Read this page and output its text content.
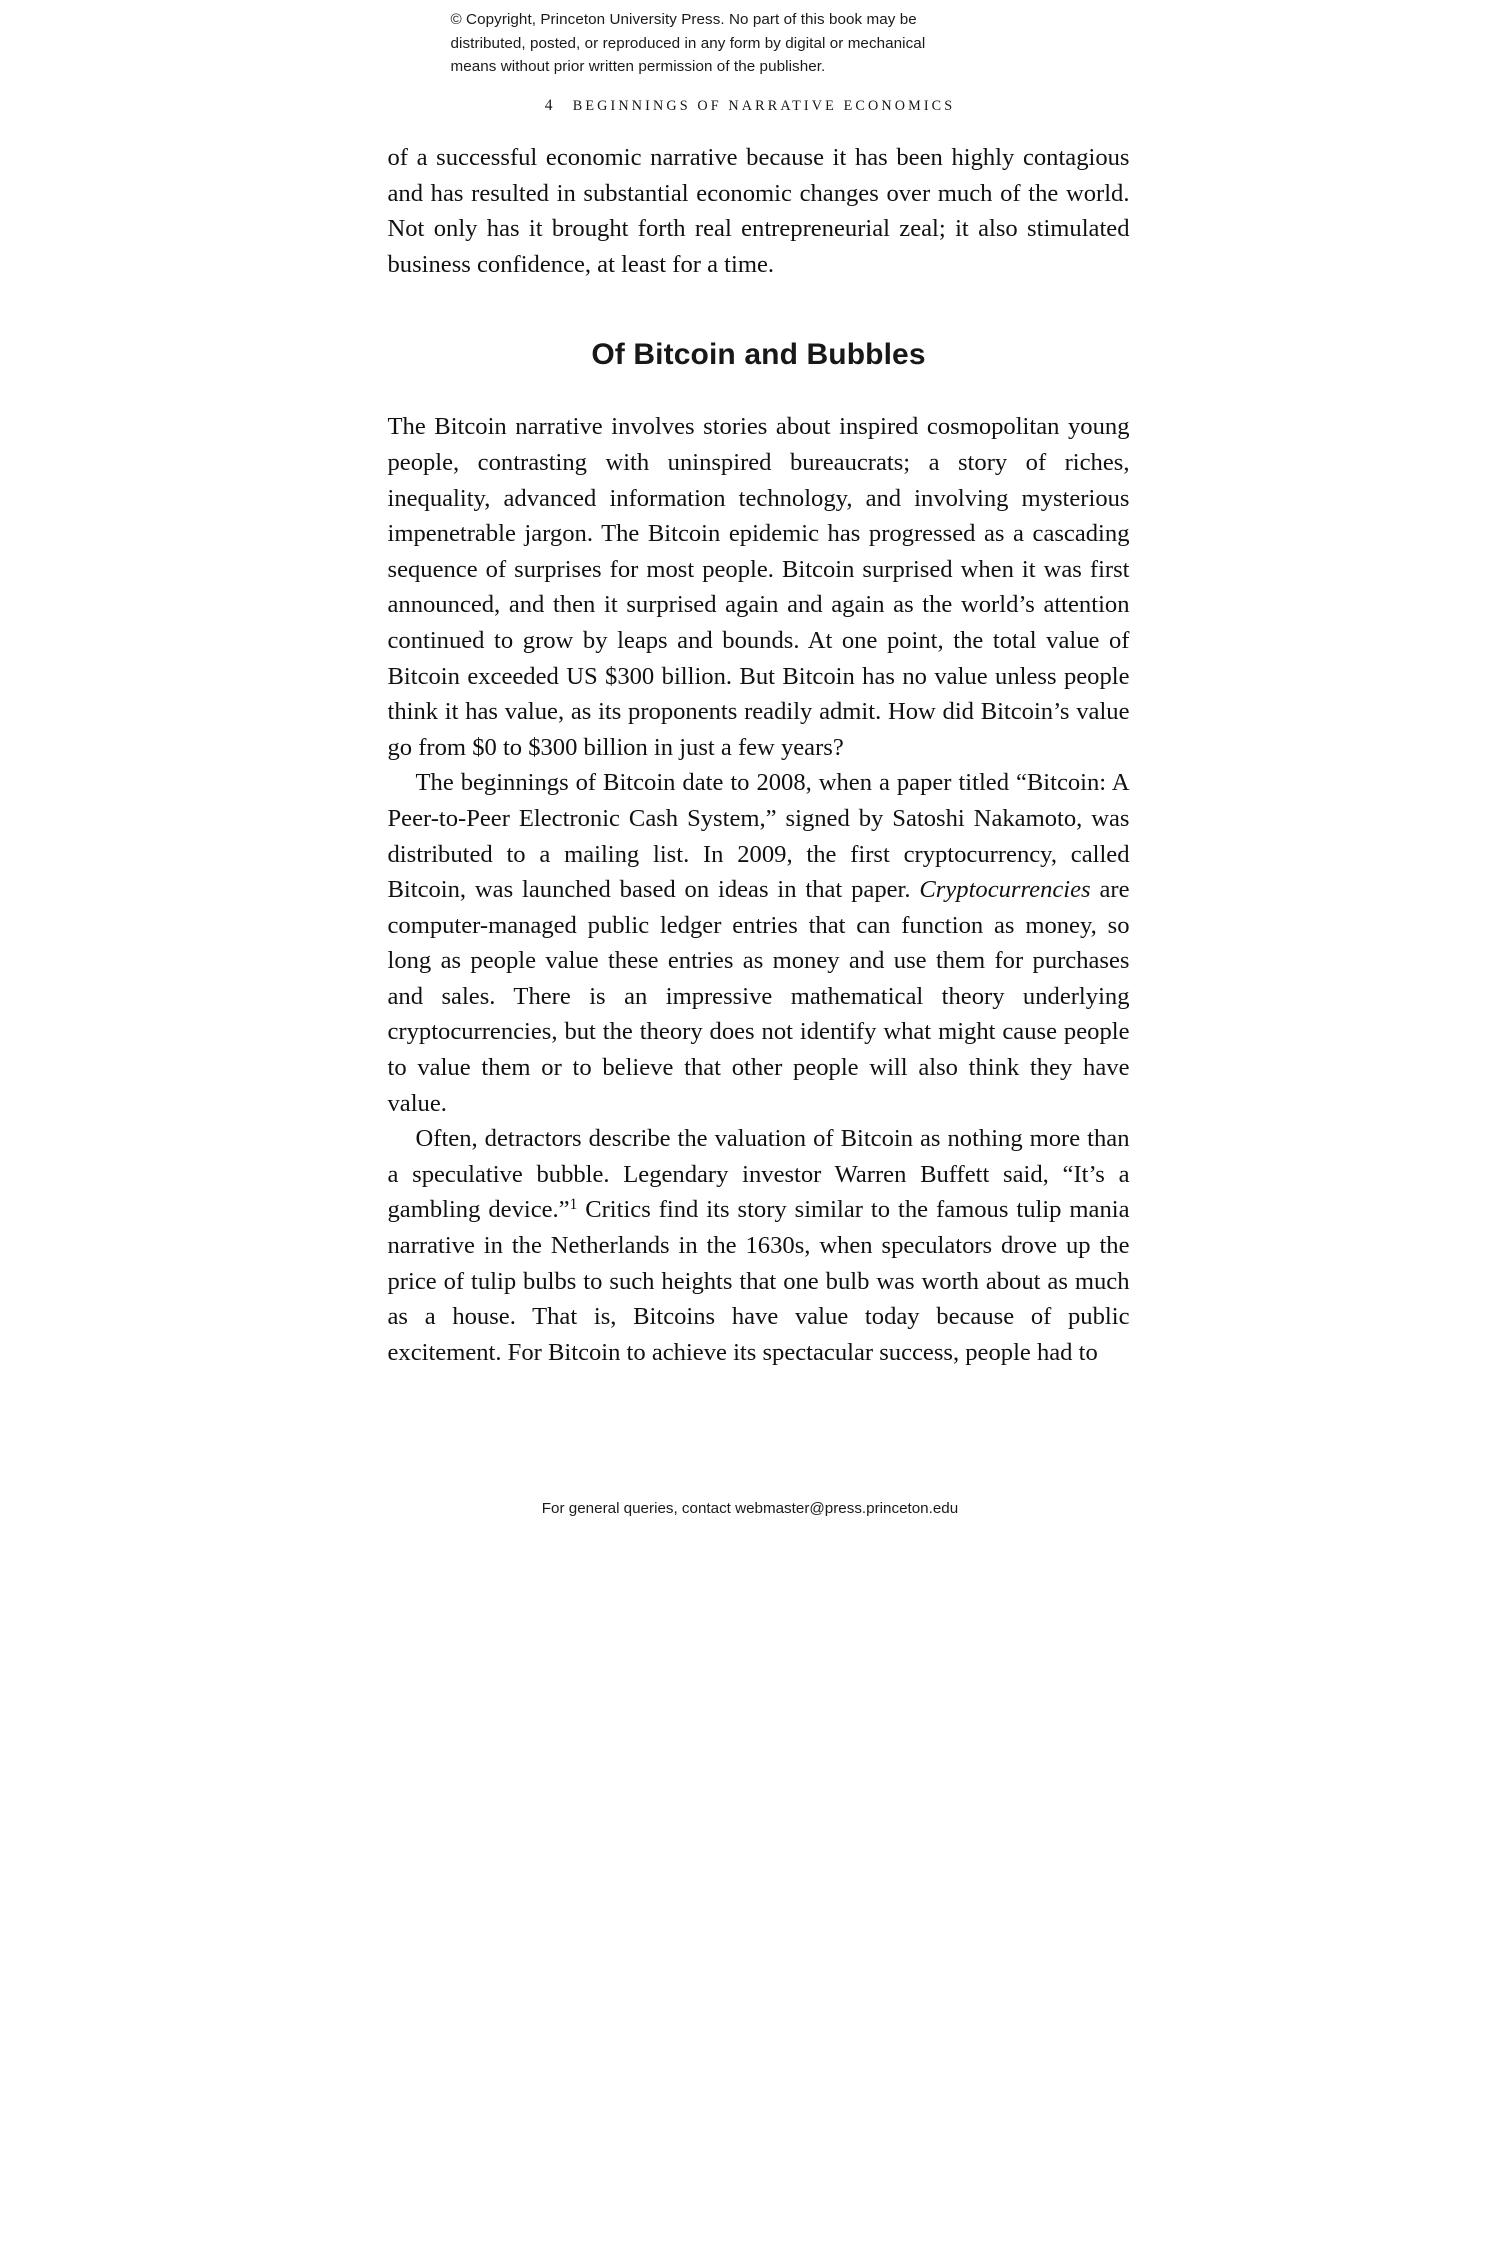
© Copyright, Princeton University Press. No part of this book may be
distributed, posted, or reproduced in any form by digital or mechanical
means without prior written permission of the publisher.
4 BEGINNINGS OF NARRATIVE ECONOMICS

of a successful economic narrative because it has been highly contagious and has resulted in substantial economic changes over much of the world. Not only has it brought forth real entrepreneurial zeal; it also stimulated business confidence, at least for a time.

Of Bitcoin and Bubbles

The Bitcoin narrative involves stories about inspired cosmopolitan young people, contrasting with uninspired bureaucrats; a story of riches, inequality, advanced information technology, and involving mysterious impenetrable jargon. The Bitcoin epidemic has progressed as a cascading sequence of surprises for most people. Bitcoin surprised when it was first announced, and then it surprised again and again as the world’s attention continued to grow by leaps and bounds. At one point, the total value of Bitcoin exceeded US $300 billion. But Bitcoin has no value unless people think it has value, as its proponents readily admit. How did Bitcoin’s value go from $0 to $300 billion in just a few years?

The beginnings of Bitcoin date to 2008, when a paper titled “Bitcoin: A Peer-to-Peer Electronic Cash System,” signed by Satoshi Nakamoto, was distributed to a mailing list. In 2009, the first cryptocurrency, called Bitcoin, was launched based on ideas in that paper. Cryptocurrencies are computer-managed public ledger entries that can function as money, so long as people value these entries as money and use them for purchases and sales. There is an impressive mathematical theory underlying cryptocurrencies, but the theory does not identify what might cause people to value them or to believe that other people will also think they have value.

Often, detractors describe the valuation of Bitcoin as nothing more than a speculative bubble. Legendary investor Warren Buffett said, “It’s a gambling device.”$^1$ Critics find its story similar to the famous tulip mania narrative in the Netherlands in the 1630s, when speculators drove up the price of tulip bulbs to such heights that one bulb was worth about as much as a house. That is, Bitcoins have value today because of public excitement. For Bitcoin to achieve its spectacular success, people had to

For general queries, contact webmaster@press.princeton.edu
